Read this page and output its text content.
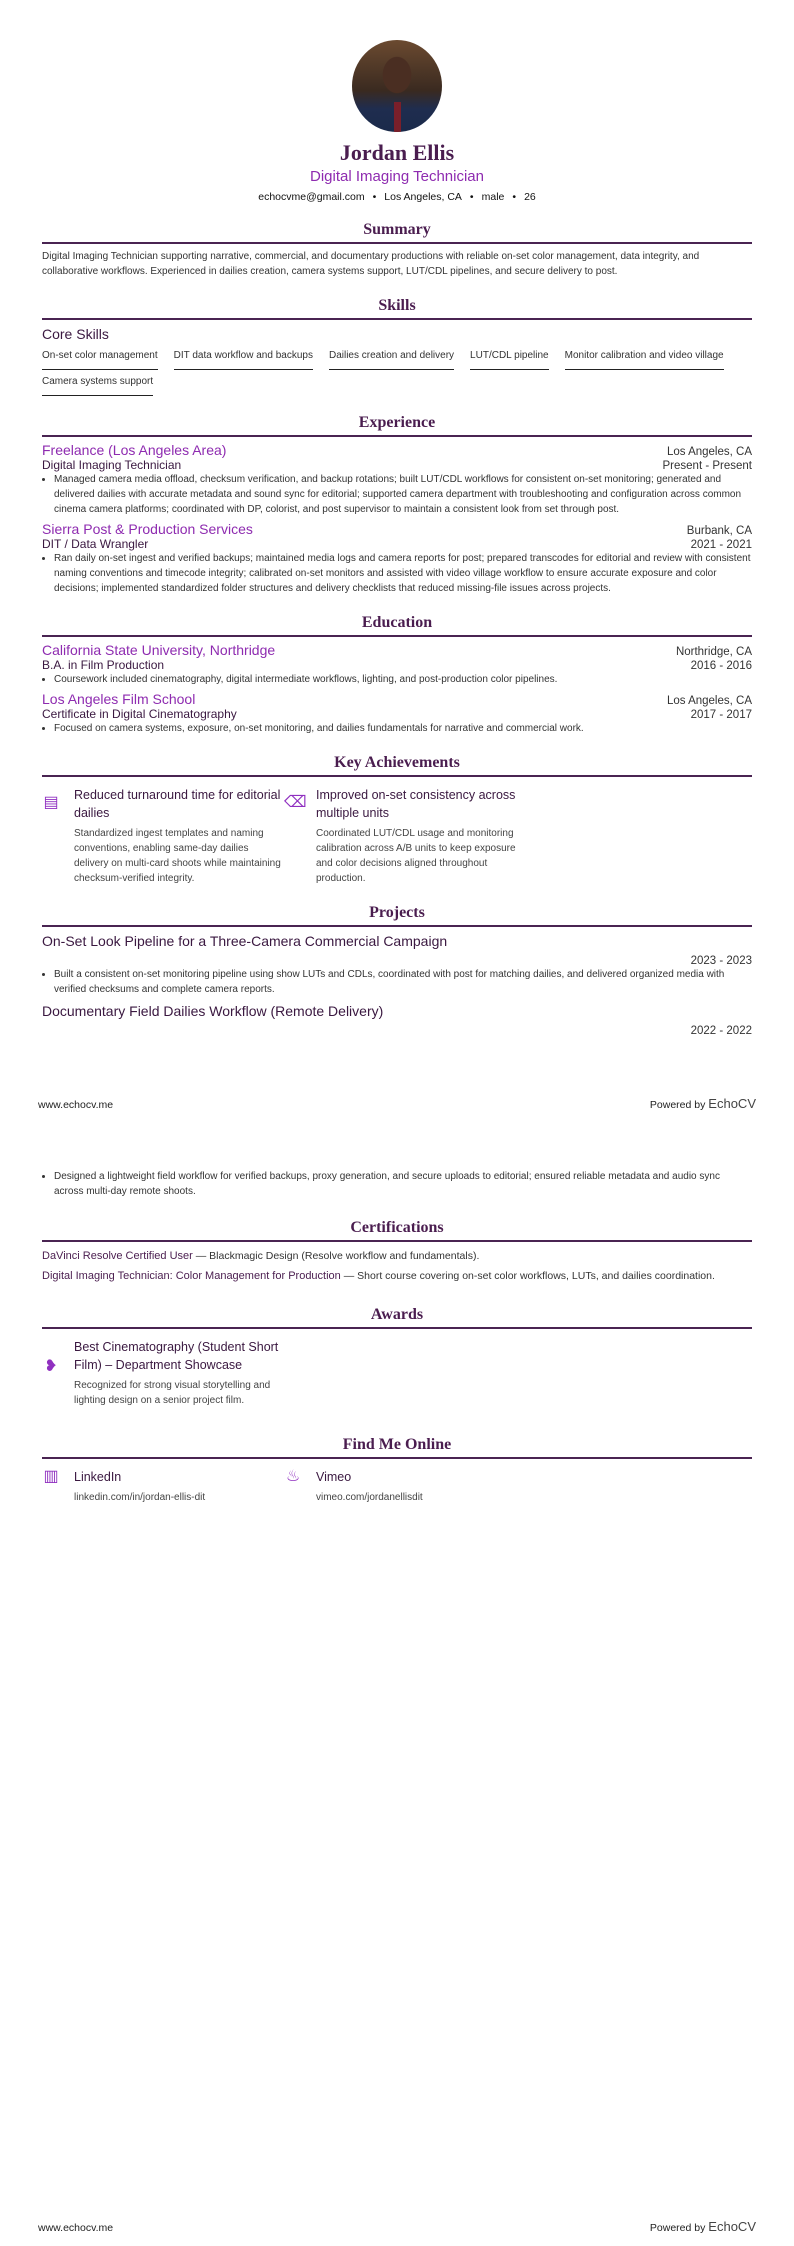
Jordan Ellis
Digital Imaging Technician
echocvme@gmail.com • Los Angeles, CA • male • 26
Summary
Digital Imaging Technician supporting narrative, commercial, and documentary productions with reliable on-set color management, data integrity, and collaborative workflows. Experienced in dailies creation, camera systems support, LUT/CDL pipelines, and secure delivery to post.
Skills
Core Skills
On-set color management DIT data workflow and backups Dailies creation and delivery LUT/CDL pipeline Monitor calibration and video village
Camera systems support
Experience
Freelance (Los Angeles Area)	Los Angeles, CA
Digital Imaging Technician	Present - Present
• Managed camera media offload, checksum verification, and backup rotations; built LUT/CDL workflows for consistent on-set monitoring; generated and delivered dailies with accurate metadata and sound sync for editorial; supported camera department with troubleshooting and configuration across common cinema camera platforms; coordinated with DP, colorist, and post supervisor to maintain a consistent look from set through post.
Sierra Post & Production Services	Burbank, CA
DIT / Data Wrangler	2021 - 2021
• Ran daily on-set ingest and verified backups; maintained media logs and camera reports for post; prepared transcodes for editorial and review with consistent naming conventions and timecode integrity; calibrated on-set monitors and assisted with video village workflow to ensure accurate exposure and color decisions; implemented standardized folder structures and delivery checklists that reduced missing-file issues across projects.
Education
California State University, Northridge	Northridge, CA
B.A. in Film Production	2016 - 2016
• Coursework included cinematography, digital intermediate workflows, lighting, and post-production color pipelines.
Los Angeles Film School	Los Angeles, CA
Certificate in Digital Cinematography	2017 - 2017
• Focused on camera systems, exposure, on-set monitoring, and dailies fundamentals for narrative and commercial work.
Key Achievements
▤ Reduced turnaround time for editorial dailies
Standardized ingest templates and naming conventions, enabling same-day dailies delivery on multi-card shoots while maintaining checksum-verified integrity.
⌫ Improved on-set consistency across multiple units
Coordinated LUT/CDL usage and monitoring calibration across A/B units to keep exposure and color decisions aligned throughout production.
Projects
On-Set Look Pipeline for a Three-Camera Commercial Campaign
2023 - 2023
• Built a consistent on-set monitoring pipeline using show LUTs and CDLs, coordinated with post for matching dailies, and delivered organized media with verified checksums and complete camera reports.
Documentary Field Dailies Workflow (Remote Delivery)
2022 - 2022
www.echocv.me	Powered by EchoCV
• Designed a lightweight field workflow for verified backups, proxy generation, and secure uploads to editorial; ensured reliable metadata and audio sync across multi-day remote shoots.
Certifications
DaVinci Resolve Certified User — Blackmagic Design (Resolve workflow and fundamentals).
Digital Imaging Technician: Color Management for Production — Short course covering on-set color workflows, LUTs, and dailies coordination.
Awards
❥
Best Cinematography (Student Short Film) – Department Showcase
Recognized for strong visual storytelling and lighting design on a senior project film.
Find Me Online
▥ LinkedIn
linkedin.com/in/jordan-ellis-dit
♨ Vimeo
vimeo.com/jordanellisdit
www.echocv.me	Powered by EchoCV
